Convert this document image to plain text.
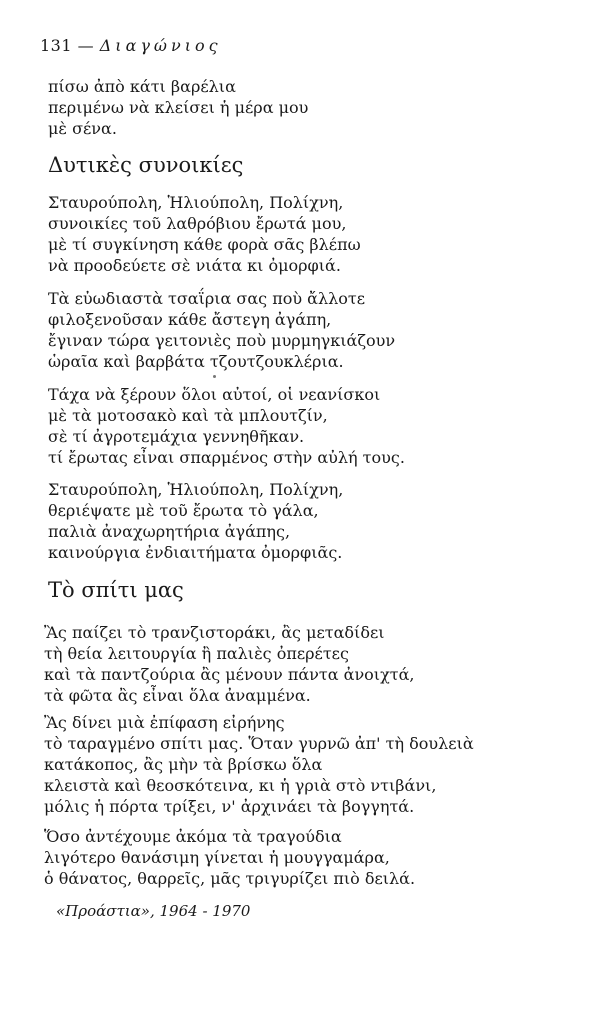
131 — Διαγώνιος
πίσω ἀπὸ κάτι βαρέλια
περιμένω νὰ κλείσει ἡ μέρα μου
μὲ σένα.
Δυτικὲς συνοικίες
Σταυρούπολη, Ἡλιούπολη, Πολίχνη,
συνοικίες τοῦ λαθρόβιου ἔρωτά μου,
μὲ τί συγκίνηση κάθε φορὰ σᾶς βλέπω
νὰ προοδεύετε σὲ νιάτα κι ὀμορφιά.
Τὰ εὐωδιαστὰ τσαΐρια σας ποὺ ἄλλοτε
φιλοξενοῦσαν κάθε ἄστεγη ἀγάπη,
ἔγιναν τώρα γειτονιὲς ποὺ μυρμηγκιάζουν
ὡραῖα καὶ βαρβάτα τζουτζουκλέρια.
Τάχα νὰ ξέρουν ὅλοι αὐτοί, οἱ νεανίσκοι
μὲ τὰ μοτοσακὸ καὶ τὰ μπλουτζίν,
σὲ τί ἀγροτεμάχια γεννηθῆκαν.
τί ἔρωτας εἶναι σπαρμένος στὴν αὐλή τους.
Σταυρούπολη, Ἡλιούπολη, Πολίχνη,
θεριέψατε μὲ τοῦ ἔρωτα τὸ γάλα,
παλιὰ ἀναχωρητήρια ἀγάπης,
καινούργια ἐνδιαιτήματα ὀμορφιᾶς.
Τὸ σπίτι μας
Ἂς παίζει τὸ τρανζιστοράκι, ἂς μεταδίδει
τὴ θεία λειτουργία ἢ παλιὲς ὀπερέτες
καὶ τὰ παντζούρια ἂς μένουν πάντα ἀνοιχτά,
τὰ φῶτα ἂς εἶναι ὅλα ἀναμμένα.
Ἂς δίνει μιὰ ἐπίφαση εἰρήνης
τὸ ταραγμένο σπίτι μας. Ὅταν γυρνῶ ἀπ' τὴ δουλειὰ
κατάκοπος, ἂς μὴν τὰ βρίσκω ὅλα
κλειστὰ καὶ θεοσκότεινα, κι ἡ γριὰ στὸ ντιβάνι,
μόλις ἡ πόρτα τρίξει, ν' ἀρχινάει τὰ βογγητά.
Ὅσο ἀντέχουμε ἀκόμα τὰ τραγούδια
λιγότερο θανάσιμη γίνεται ἡ μουγγαμάρα,
ὁ θάνατος, θαρρεῖς, μᾶς τριγυρίζει πιὸ δειλά.
«Προάστια», 1964 - 1970
